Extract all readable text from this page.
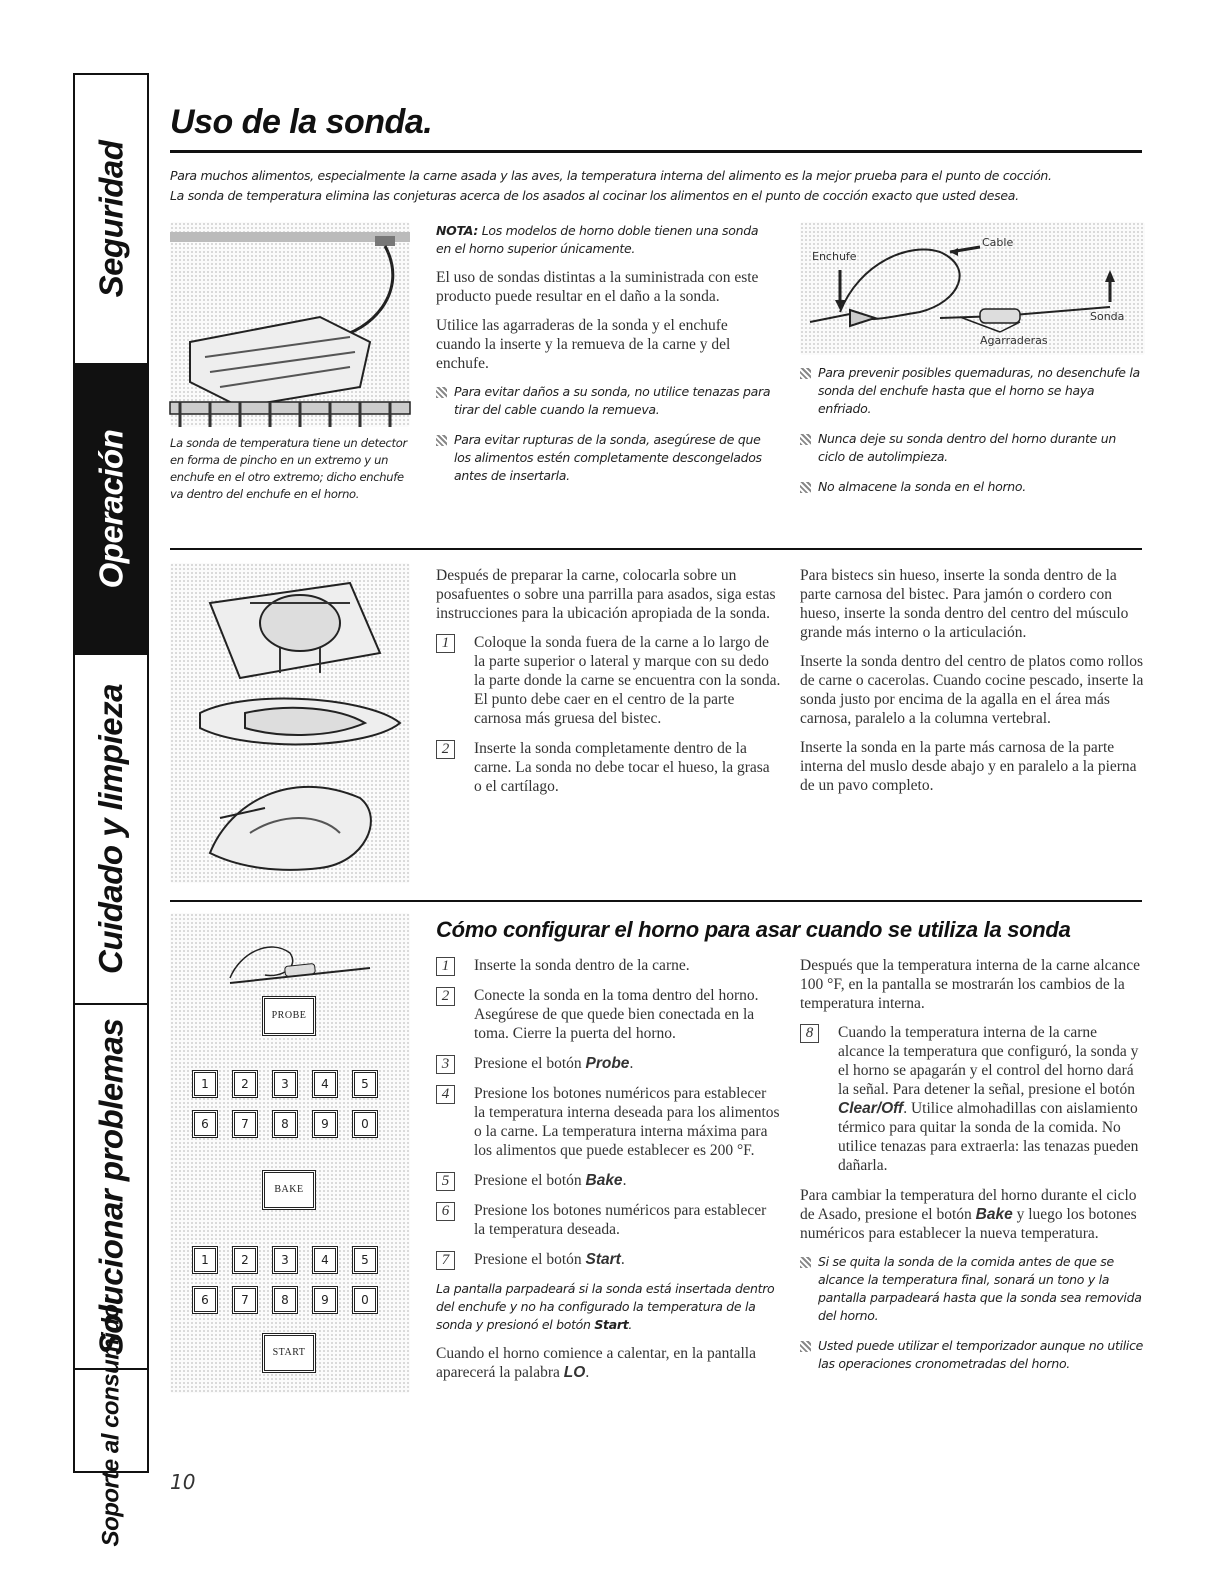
Seguridad
Operación
Cuidado y limpieza
Solucionar problemas
Soporte al consumidor
Uso de la sonda.
Para muchos alimentos, especialmente la carne asada y las aves, la temperatura interna del alimento es la mejor prueba para el punto de cocción.
La sonda de temperatura elimina las conjeturas acerca de los asados al cocinar los alimentos en el punto de cocción exacto que usted desea.
La sonda de temperatura tiene un detector en forma de pincho en un extremo y un enchufe en el otro extremo; dicho enchufe va dentro del enchufe en el horno.
NOTA: Los modelos de horno doble tienen una sonda en el horno superior únicamente.
El uso de sondas distintas a la suministrada con este producto puede resultar en el daño a la sonda.
Utilice las agarraderas de la sonda y el enchufe cuando la inserte y la remueva de la carne y del enchufe.
Para evitar daños a su sonda, no utilice tenazas para tirar del cable cuando la remueva.
Para evitar rupturas de la sonda, asegúrese de que los alimentos estén completamente descongelados antes de insertarla.
Enchufe
Cable
Sonda
Agarraderas
Para prevenir posibles quemaduras, no desenchufe la sonda del enchufe hasta que el horno se haya enfriado.
Nunca deje su sonda dentro del horno durante un ciclo de autolimpieza.
No almacene la sonda en el horno.
Después de preparar la carne, colocarla sobre un posafuentes o sobre una parrilla para asados, siga estas instrucciones para la ubicación apropiada de la sonda.
1	Coloque la sonda fuera de la carne a lo largo de la parte superior o lateral y marque con su dedo la parte donde la carne se encuentra con la sonda. El punto debe caer en el centro de la parte carnosa más gruesa del bistec.
2	Inserte la sonda completamente dentro de la carne. La sonda no debe tocar el hueso, la grasa o el cartílago.
Para bistecs sin hueso, inserte la sonda dentro de la parte carnosa del bistec. Para jamón o cordero con hueso, inserte la sonda dentro del centro del músculo grande más interno o la articulación.
Inserte la sonda dentro del centro de platos como rollos de carne o cacerolas. Cuando cocine pescado, inserte la sonda justo por encima de la agalla en el área más carnosa, paralelo a la columna vertebral.
Inserte la sonda en la parte más carnosa de la parte interna del muslo desde abajo y en paralelo a la pierna de un pavo completo.
PROBE
1	2	3	4	5
6	7	8	9	0
BAKE
1	2	3	4	5
6	7	8	9	0
START
Cómo configurar el horno para asar cuando se utiliza la sonda
1	Inserte la sonda dentro de la carne.
2	Conecte la sonda en la toma dentro del horno. Asegúrese de que quede bien conectada en la toma. Cierre la puerta del horno.
3	Presione el botón Probe.
4	Presione los botones numéricos para establecer la temperatura interna deseada para los alimentos o la carne. La temperatura interna máxima para los alimentos que puede establecer es 200 °F.
5	Presione el botón Bake.
6	Presione los botones numéricos para establecer la temperatura deseada.
7	Presione el botón Start.
La pantalla parpadeará si la sonda está insertada dentro del enchufe y no ha configurado la temperatura de la sonda y presionó el botón Start.
Cuando el horno comience a calentar, en la pantalla aparecerá la palabra LO.
Después que la temperatura interna de la carne alcance 100 °F, en la pantalla se mostrarán los cambios de la temperatura interna.
8	Cuando la temperatura interna de la carne alcance la temperatura que configuró, la sonda y el horno se apagarán y el control del horno dará la señal. Para detener la señal, presione el botón Clear/Off. Utilice almohadillas con aislamiento térmico para quitar la sonda de la comida. No utilice tenazas para extraerla: las tenazas pueden dañarla.
Para cambiar la temperatura del horno durante el ciclo de Asado, presione el botón Bake y luego los botones numéricos para establecer la nueva temperatura.
Si se quita la sonda de la comida antes de que se alcance la temperatura final, sonará un tono y la pantalla parpadeará hasta que la sonda sea removida del horno.
Usted puede utilizar el temporizador aunque no utilice las operaciones cronometradas del horno.
10
